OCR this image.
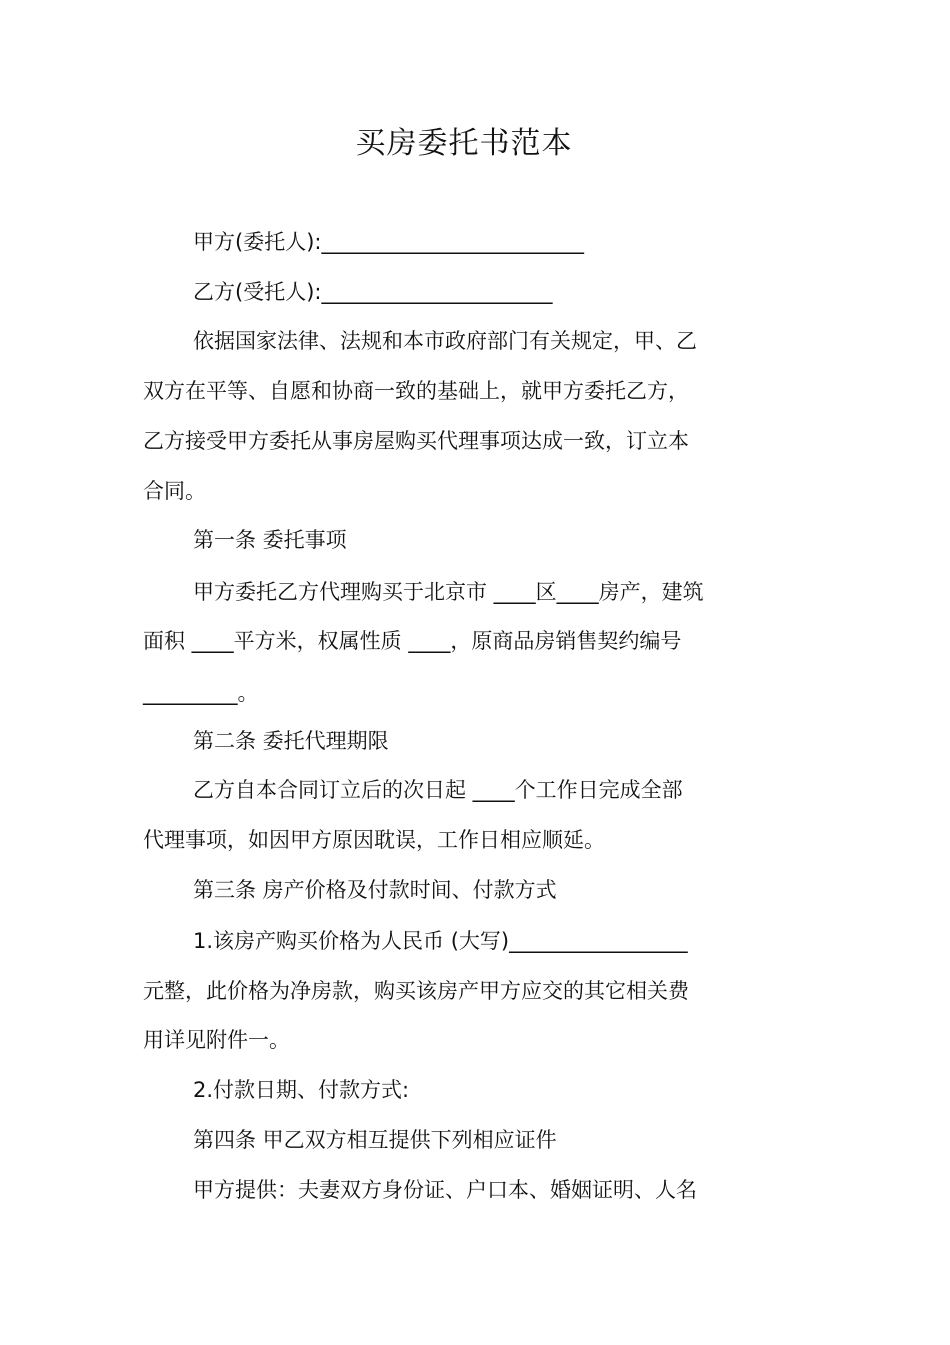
买房委托书范本
甲方(委托人):_________________________
乙方(受托人):______________________
依据国家法律、法规和本市政府部门有关规定，甲、乙
双方在平等、自愿和协商一致的基础上，就甲方委托乙方，
乙方接受甲方委托从事房屋购买代理事项达成一致，订立本
合同。
第一条 委托事项
甲方委托乙方代理购买于北京市 ____区____房产，建筑
面积 ____平方米，权属性质 ____，原商品房销售契约编号
_________。
第二条 委托代理期限
乙方自本合同订立后的次日起 ____个工作日完成全部
代理事项，如因甲方原因耽误，工作日相应顺延。
第三条 房产价格及付款时间、付款方式
1.该房产购买价格为人民币 (大写)_________________
元整，此价格为净房款，购买该房产甲方应交的其它相关费
用详见附件一。
2.付款日期、付款方式:
第四条 甲乙双方相互提供下列相应证件
甲方提供：夫妻双方身份证、户口本、婚姻证明、人名
